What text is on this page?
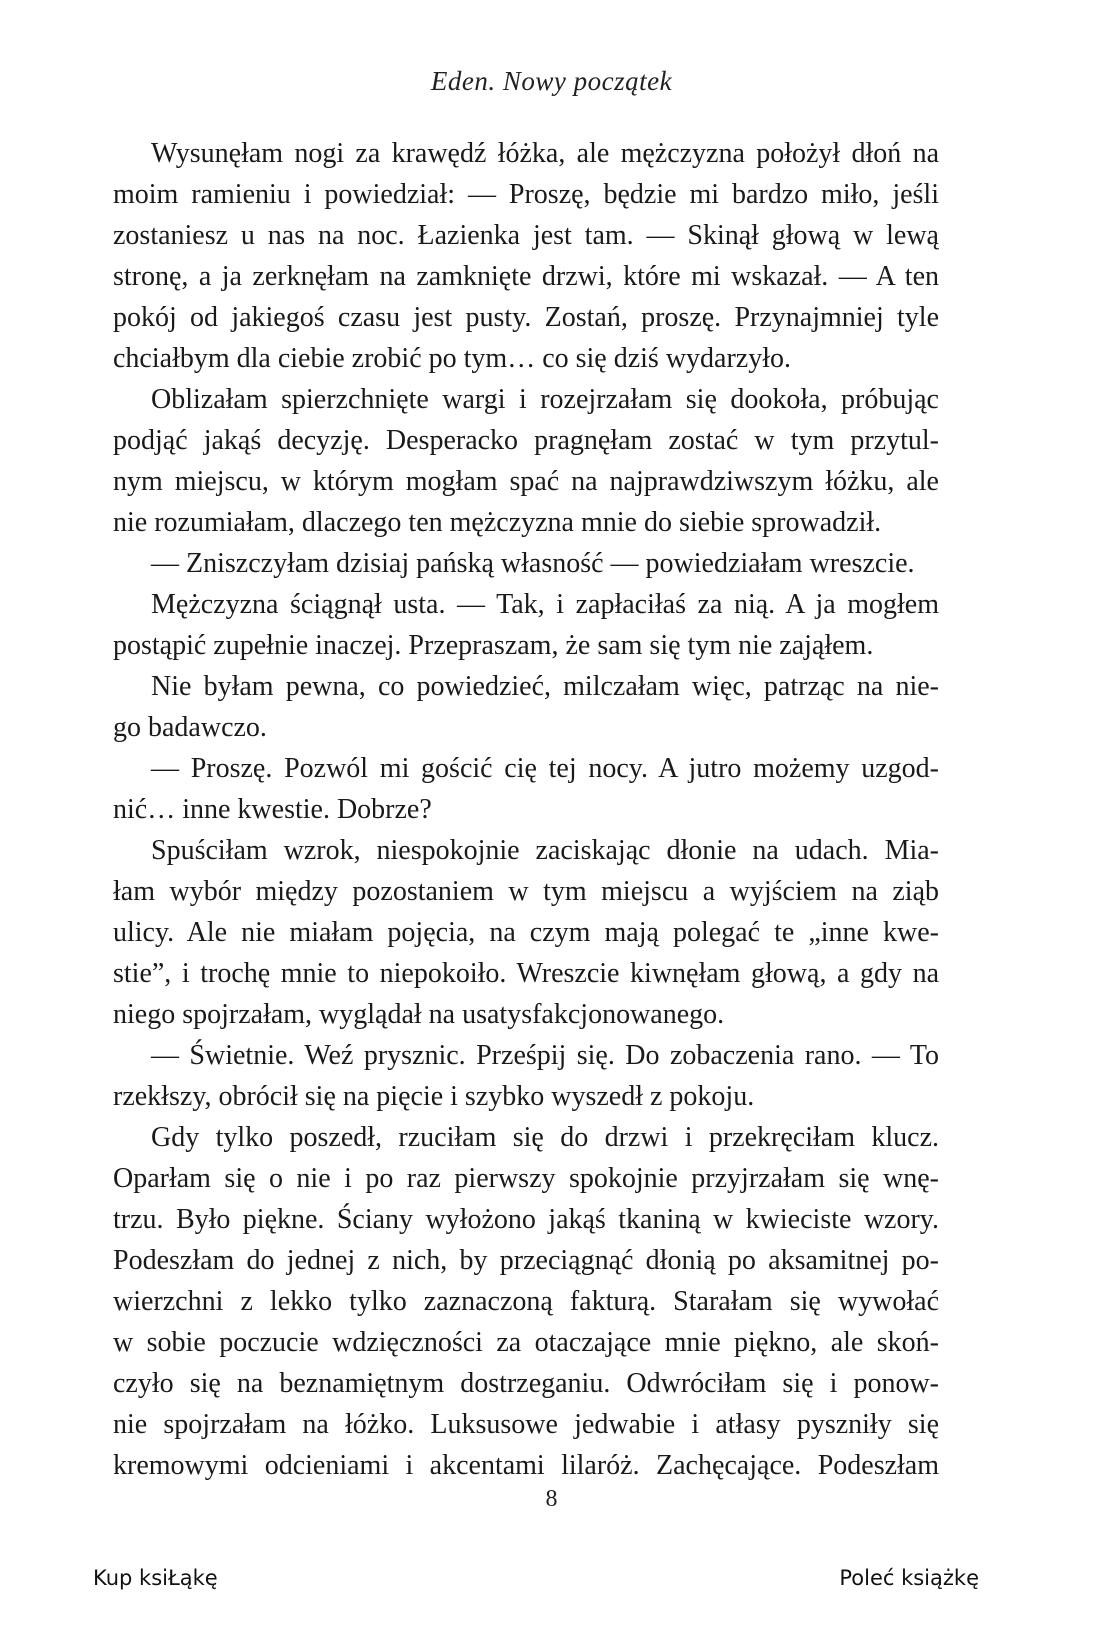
Eden. Nowy początek
Wysunęłam nogi za krawędź łóżka, ale mężczyzna położył dłoń na
moim ramieniu i powiedział: — Proszę, będzie mi bardzo miło, jeśli
zostaniesz u nas na noc. Łazienka jest tam. — Skinął głową w lewą
stronę, a ja zerknęłam na zamknięte drzwi, które mi wskazał. — A ten
pokój od jakiegoś czasu jest pusty. Zostań, proszę. Przynajmniej tyle
chciałbym dla ciebie zrobić po tym… co się dziś wydarzyło.
Oblizałam spierzchnięte wargi i rozejrzałam się dookoła, próbując
podjąć jakąś decyzję. Desperacko pragnęłam zostać w tym przytul-
nym miejscu, w którym mogłam spać na najprawdziwszym łóżku, ale
nie rozumiałam, dlaczego ten mężczyzna mnie do siebie sprowadził.
— Zniszczyłam dzisiaj pańską własność — powiedziałam wreszcie.
Mężczyzna ściągnął usta. — Tak, i zapłaciłaś za nią. A ja mogłem
postąpić zupełnie inaczej. Przepraszam, że sam się tym nie zająłem.
Nie byłam pewna, co powiedzieć, milczałam więc, patrząc na nie-
go badawczo.
— Proszę. Pozwól mi gościć cię tej nocy. A jutro możemy uzgod-
nić… inne kwestie. Dobrze?
Spuściłam wzrok, niespokojnie zaciskając dłonie na udach. Mia-
łam wybór między pozostaniem w tym miejscu a wyjściem na ziąb
ulicy. Ale nie miałam pojęcia, na czym mają polegać te „inne kwe-
stie”, i trochę mnie to niepokoiło. Wreszcie kiwnęłam głową, a gdy na
niego spojrzałam, wyglądał na usatysfakcjonowanego.
— Świetnie. Weź prysznic. Prześpij się. Do zobaczenia rano. — To
rzekłszy, obrócił się na pięcie i szybko wyszedł z pokoju.
Gdy tylko poszedł, rzuciłam się do drzwi i przekręciłam klucz.
Oparłam się o nie i po raz pierwszy spokojnie przyjrzałam się wnę-
trzu. Było piękne. Ściany wyłożono jakąś tkaniną w kwieciste wzory.
Podeszłam do jednej z nich, by przeciągnąć dłonią po aksamitnej po-
wierzchni z lekko tylko zaznaczoną fakturą. Starałam się wywołać
w sobie poczucie wdzięczności za otaczające mnie piękno, ale skoń-
czyło się na beznamiętnym dostrzeganiu. Odwróciłam się i ponow-
nie spojrzałam na łóżko. Luksusowe jedwabie i atłasy pyszniły się
kremowymi odcieniami i akcentami lilaróż. Zachęcające. Podeszłam
8
Kup ksiŁąkę	Poleć książkę
